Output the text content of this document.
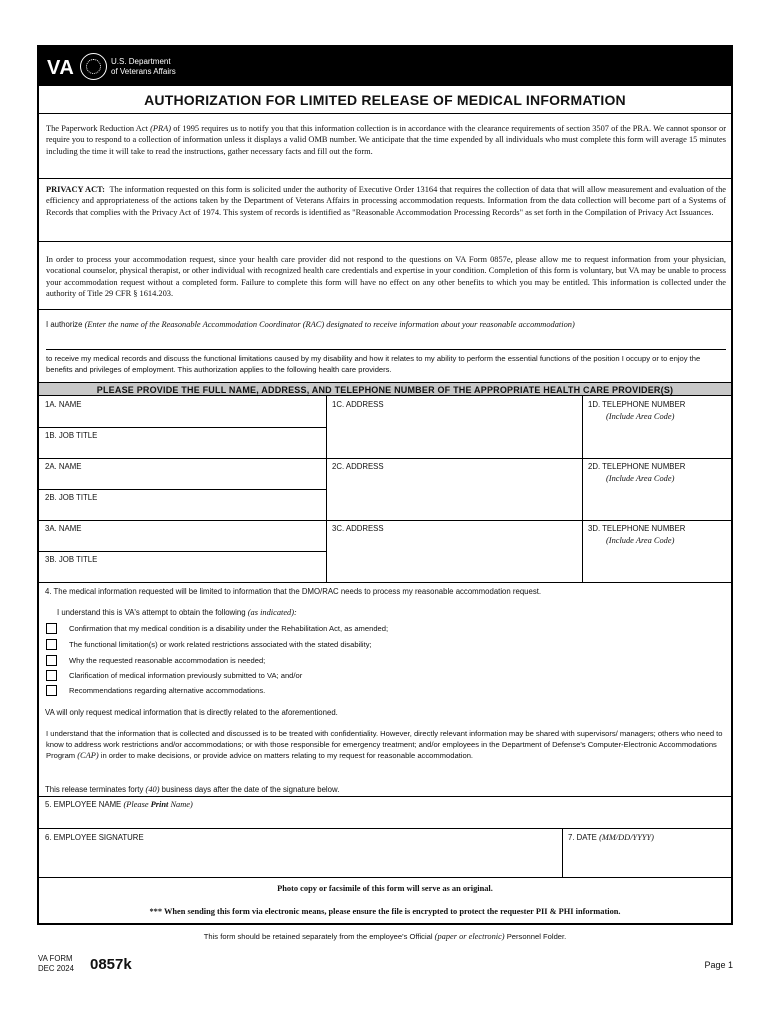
VA	U.S. Department
of Veterans Affairs
AUTHORIZATION FOR LIMITED RELEASE OF MEDICAL INFORMATION
The Paperwork Reduction Act (PRA) of 1995 requires us to notify you that this information collection is in accordance with the clearance requirements of section 3507 of the PRA. We cannot sponsor or require you to respond to a collection of information unless it displays a valid OMB number. We anticipate that the time expended by all individuals who must complete this form will average 15 minutes including the time it will take to read the instructions, gather necessary facts and fill out the form.
PRIVACY ACT: The information requested on this form is solicited under the authority of Executive Order 13164 that requires the collection of data that will allow measurement and evaluation of the efficiency and appropriateness of the actions taken by the Department of Veterans Affairs in processing accommodation requests. Information from the data collection will become part of a Systems of Records that complies with the Privacy Act of 1974. This system of records is identified as "Reasonable Accommodation Processing Records" as set forth in the Compilation of Privacy Act Issuances.
In order to process your accommodation request, since your health care provider did not respond to the questions on VA Form 0857e, please allow me to request information from your physician, vocational counselor, physical therapist, or other individual with recognized health care credentials and expertise in your condition. Completion of this form is voluntary, but VA may be unable to process your accommodation request without a completed form. Failure to complete this form will have no effect on any other benefits to which you may be entitled. This information is collected under the authority of Title 29 CFR § 1614.203.
I authorize (Enter the name of the Reasonable Accommodation Coordinator (RAC) designated to receive information about your reasonable accommodation)
to receive my medical records and discuss the functional limitations caused by my disability and how it relates to my ability to perform the essential functions of the position I occupy or to enjoy the benefits and privileges of employment. This authorization applies to the following health care providers.
PLEASE PROVIDE THE FULL NAME, ADDRESS, AND TELEPHONE NUMBER OF THE APPROPRIATE HEALTH CARE PROVIDER(S)
1A. NAME
1B. JOB TITLE
1C. ADDRESS	1D. TELEPHONE NUMBER
(Include Area Code)
2A. NAME
2B. JOB TITLE
2C. ADDRESS	2D. TELEPHONE NUMBER
(Include Area Code)
3A. NAME
3B. JOB TITLE
3C. ADDRESS	3D. TELEPHONE NUMBER
(Include Area Code)
4. The medical information requested will be limited to information that the DMO/RAC needs to process my reasonable accommodation request.
I understand this is VA's attempt to obtain the following (as indicated):
Confirmation that my medical condition is a disability under the Rehabilitation Act, as amended;
The functional limitation(s) or work related restrictions associated with the stated disability;
Why the requested reasonable accommodation is needed;
Clarification of medical information previously submitted to VA; and/or
Recommendations regarding alternative accommodations.
VA will only request medical information that is directly related to the aforementioned.
I understand that the information that is collected and discussed is to be treated with confidentiality. However, directly relevant information may be shared with supervisors/ managers; others who need to know to address work restrictions and/or accommodations; or with those responsible for emergency treatment; and/or employees in the Department of Defense's Computer-Electronic Accommodations Program (CAP) in order to make decisions, or provide advice on matters relating to my request for reasonable accommodation.
This release terminates forty (40) business days after the date of the signature below.
5. EMPLOYEE NAME (Please Print Name)
6. EMPLOYEE SIGNATURE	7. DATE (MM/DD/YYYY)
Photo copy or facsimile of this form will serve as an original.
*** When sending this form via electronic means, please ensure the file is encrypted to protect the requester PII & PHI information.
This form should be retained separately from the employee's Official (paper or electronic) Personnel Folder.
VA FORM
DEC 2024 0857k	Page 1
